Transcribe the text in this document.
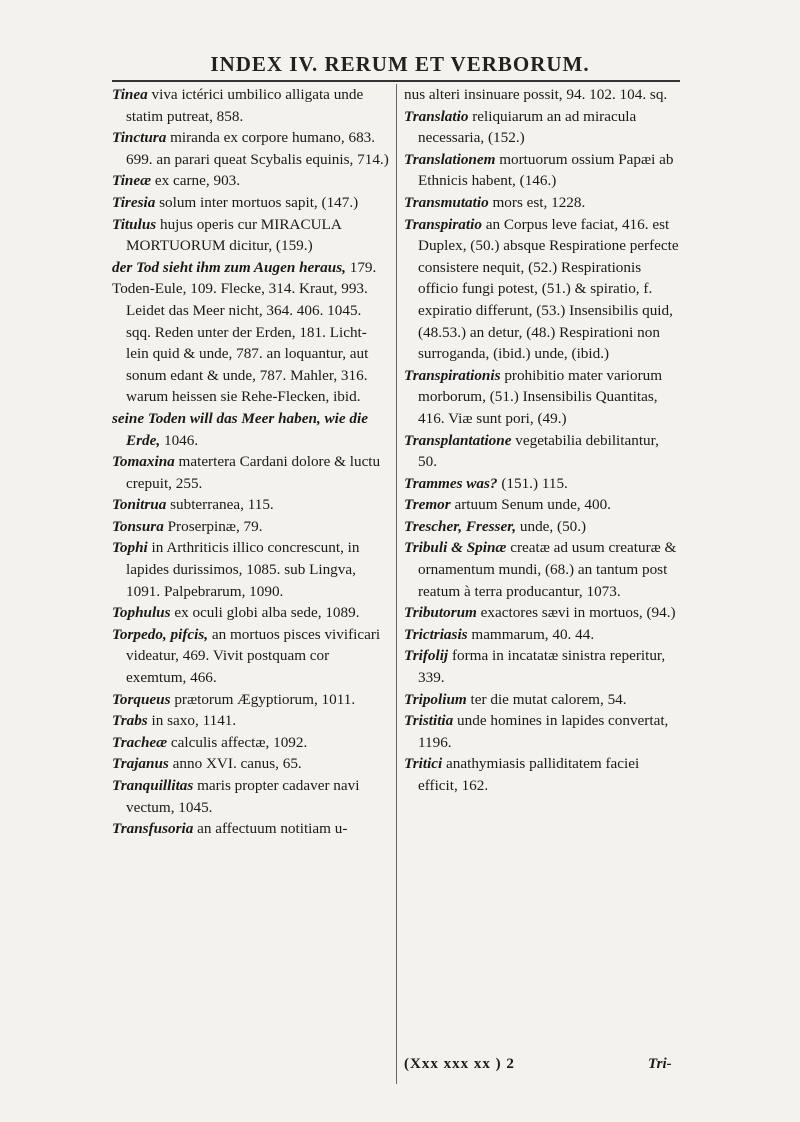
INDEX IV. RERUM ET VERBORUM.

Tinea viva ictérici umbilico alligata unde statim putreat, 858.

Tinctura miranda ex corpore humano, 683. 699. an parari queat Scybalis equinis, 714.)

Tineæ ex carne, 903.

Tiresia solum inter mortuos sapit, (147.)

Titulus hujus operis cur MIRACULA MORTUORUM dicitur, (159.)

der Tod sieht ihm zum Augen heraus, 179.

Toden-Eule, 109. Flecke, 314. Kraut, 993. Leidet das Meer nicht, 364. 406. 1045. sqq. Reden unter der Erden, 181. Licht-lein quid & unde, 787. an loquantur, aut sonum edant & unde, 787. Mahler, 316. warum heissen sie Rehe-Flecken, ibid.

seine Toden will das Meer haben, wie die Erde, 1046.

Tomaxina matertera Cardani dolore & luctu crepuit, 255.

Tonitrua subterranea, 115.

Tonsura Proserpinæ, 79.

Tophi in Arthriticis illico concrescunt, in lapides durissimos, 1085. sub Lingva, 1091. Palpebrarum, 1090.

Tophulus ex oculi globi alba sede, 1089.

Torpedo, pifcis, an mortuos pisces vivificari videatur, 469. Vivit postquam cor exemtum, 466.

Torqueus prætorum Ægyptiorum, 1011.

Trabs in saxo, 1141.

Tracheæ calculis affectæ, 1092.

Trajanus anno XVI. canus, 65.

Tranquillitas maris propter cadaver navi vectum, 1045.

Transfusoria an affectuum notitiam u-

nus alteri insinuare possit, 94. 102. 104. sq.

Translatio reliquiarum an ad miracula necessaria, (152.)

Translationem mortuorum ossium Papæi ab Ethnicis habent, (146.)

Transmutatio mors est, 1228.

Transpiratio an Corpus leve faciat, 416. est Duplex, (50.) absque Respiratione perfecte consistere nequit, (52.) Respirationis officio fungi potest, (51.) & spiratio, f. expiratio differunt, (53.) Insensibilis quid, (48.53.) an detur, (48.) Respirationi non surroganda, (ibid.) unde, (ibid.)

Transpirationis prohibitio mater variorum morborum, (51.) Insensibilis Quantitas, 416. Viæ sunt pori, (49.)

Transplantatione vegetabilia debilitantur, 50.

Trammes was? (151.) 115.

Tremor artuum Senum unde, 400.

Trescher, Fresser, unde, (50.)

Tribuli & Spinæ creatæ ad usum creaturæ & ornamentum mundi, (68.) an tantum post reatum à terra producantur, 1073.

Tributorum exactores sævi in mortuos, (94.)

Trictriasis mammarum, 40. 44.

Trifolij forma in incatatæ sinistra reperitur, 339.

Tripolium ter die mutat calorem, 54.

Tristitia unde homines in lapides convertat, 1196.

Tritici anathymiasis palliditatem faciei efficit, 162.

(Xxx xxx xx ) 2	Tri-
